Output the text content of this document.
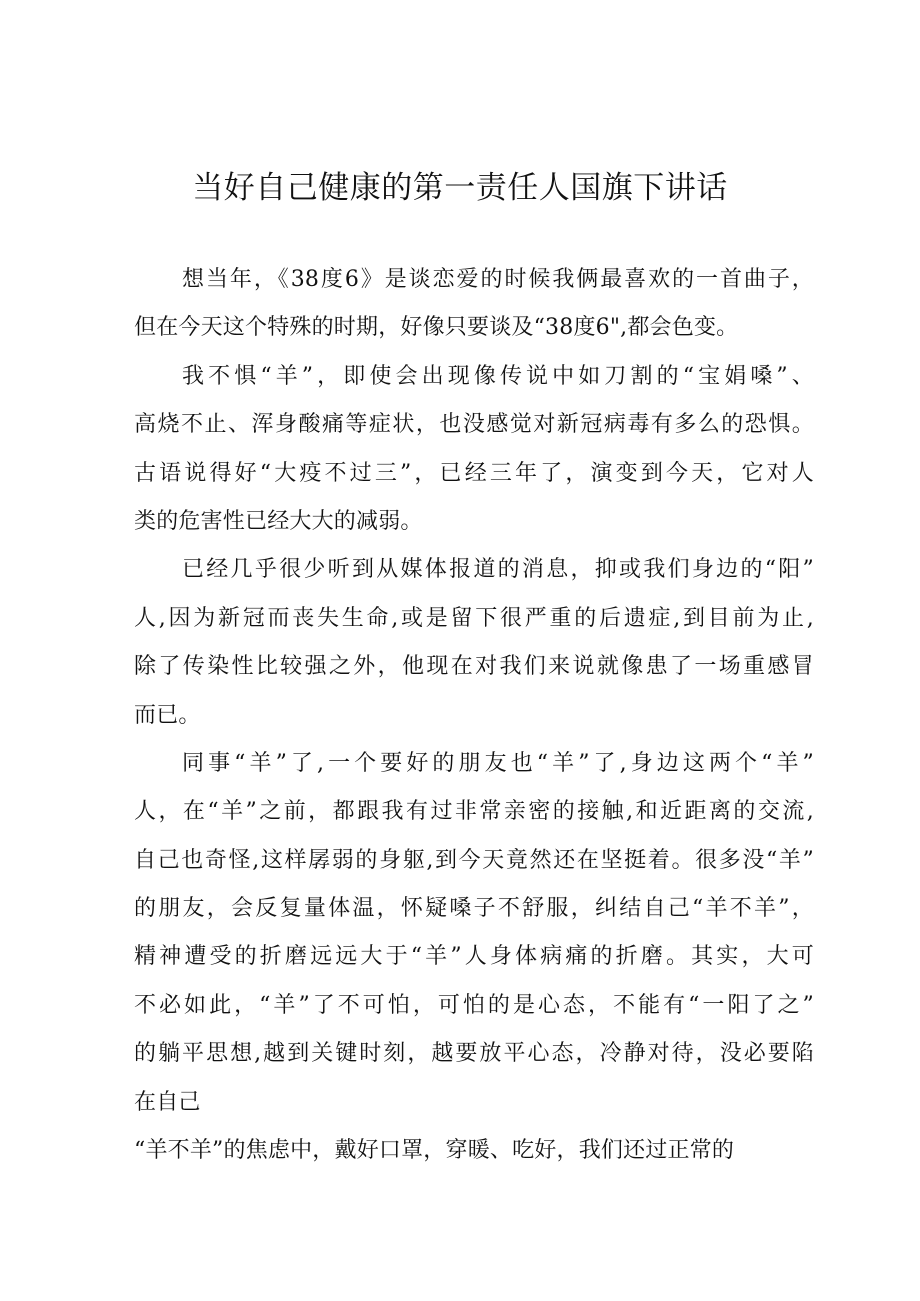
当好自己健康的第一责任人国旗下讲话
想当年，《38度6》是谈恋爱的时候我俩最喜欢的一首曲子，
但在今天这个特殊的时期，好像只要谈及“38度6",都会色变。
我不惧“羊”，即使会出现像传说中如刀割的“宝娟嗓”、
高烧不止、浑身酸痛等症状，也没感觉对新冠病毒有多么的恐惧。
古语说得好“大疫不过三”，已经三年了，演变到今天，它对人
类的危害性已经大大的减弱。
已经几乎很少听到从媒体报道的消息，抑或我们身边的“阳”
人,因为新冠而丧失生命,或是留下很严重的后遗症,到目前为止,
除了传染性比较强之外，他现在对我们来说就像患了一场重感冒
而已。
同事“羊”了,一个要好的朋友也“羊”了,身边这两个“羊”
人，在“羊”之前，都跟我有过非常亲密的接触,和近距离的交流,
自己也奇怪,这样孱弱的身躯,到今天竟然还在坚挺着。很多没“羊”
的朋友，会反复量体温，怀疑嗓子不舒服，纠结自己“羊不羊”，
精神遭受的折磨远远大于“羊”人身体病痛的折磨。其实，大可
不必如此，“羊”了不可怕，可怕的是心态，不能有“一阳了之”
的躺平思想,越到关键时刻，越要放平心态，冷静对待，没必要陷
在自己
“羊不羊”的焦虑中，戴好口罩，穿暖、吃好，我们还过正常的
